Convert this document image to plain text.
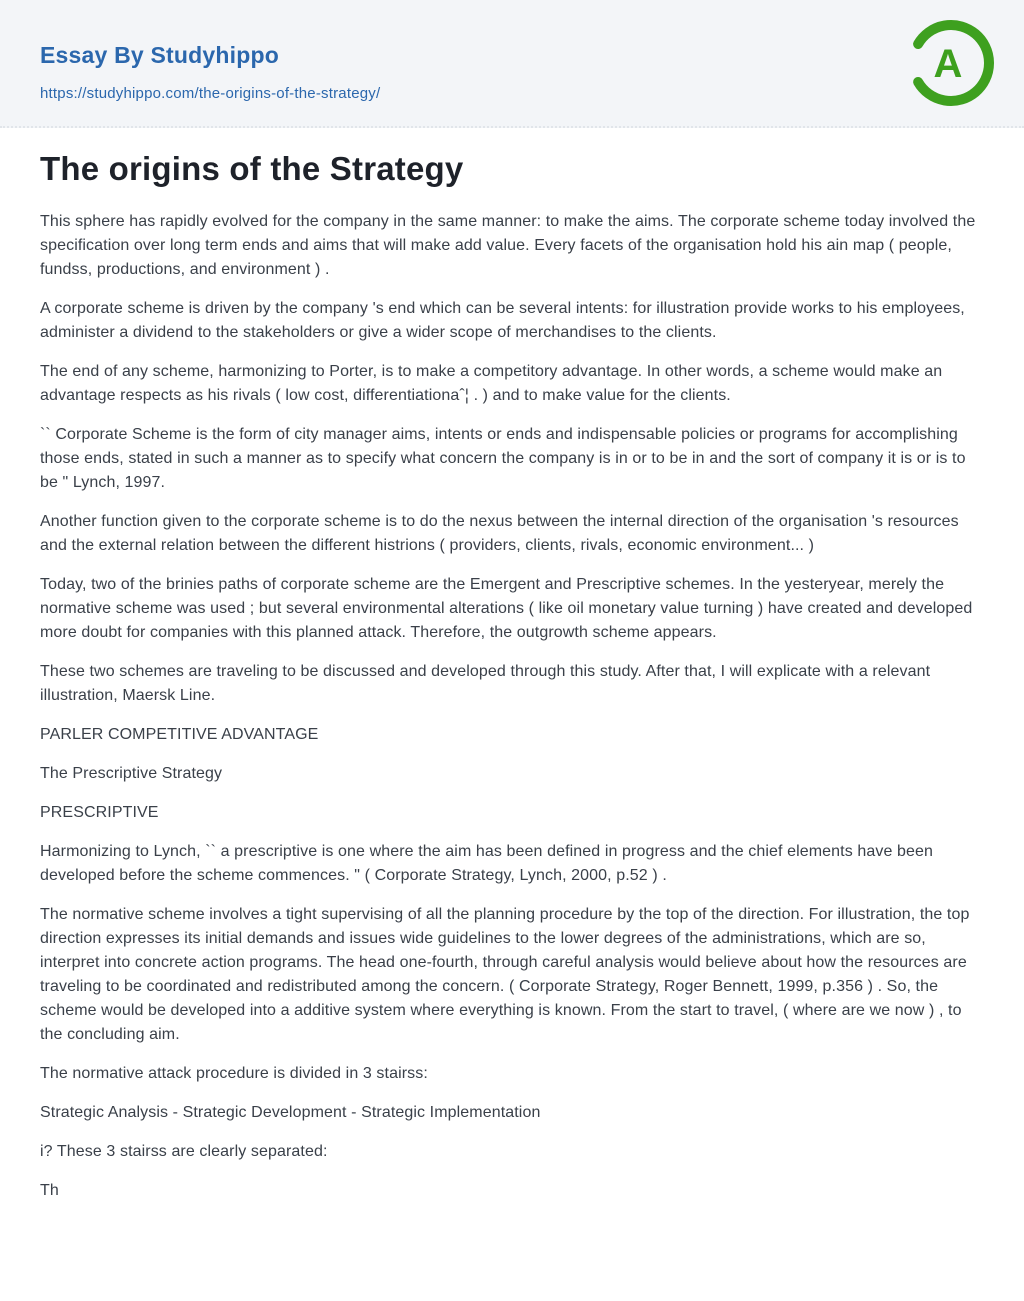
Essay By Studyhippo
https://studyhippo.com/the-origins-of-the-strategy/
A
The origins of the Strategy

This sphere has rapidly evolved for the company in the same manner: to make the aims. The corporate scheme today involved the specification over long term ends and aims that will make add value. Every facets of the organisation hold his ain map ( people, fundss, productions, and environment ) .

A corporate scheme is driven by the company 's end which can be several intents: for illustration provide works to his employees, administer a dividend to the stakeholders or give a wider scope of merchandises to the clients.

The end of any scheme, harmonizing to Porter, is to make a competitory advantage. In other words, a scheme would make an advantage respects as his rivals ( low cost, differentiationaˆ¦ . ) and to make value for the clients.

`` Corporate Scheme is the form of city manager aims, intents or ends and indispensable policies or programs for accomplishing those ends, stated in such a manner as to specify what concern the company is in or to be in and the sort of company it is or is to be " Lynch, 1997.

Another function given to the corporate scheme is to do the nexus between the internal direction of the organisation 's resources and the external relation between the different histrions ( providers, clients, rivals, economic environment... )

Today, two of the brinies paths of corporate scheme are the Emergent and Prescriptive schemes. In the yesteryear, merely the normative scheme was used ; but several environmental alterations ( like oil monetary value turning ) have created and developed more doubt for companies with this planned attack. Therefore, the outgrowth scheme appears.

These two schemes are traveling to be discussed and developed through this study. After that, I will explicate with a relevant illustration, Maersk Line.

PARLER COMPETITIVE ADVANTAGE

The Prescriptive Strategy

PRESCRIPTIVE

Harmonizing to Lynch, `` a prescriptive is one where the aim has been defined in progress and the chief elements have been developed before the scheme commences. " ( Corporate Strategy, Lynch, 2000, p.52 ) .

The normative scheme involves a tight supervising of all the planning procedure by the top of the direction. For illustration, the top direction expresses its initial demands and issues wide guidelines to the lower degrees of the administrations, which are so, interpret into concrete action programs. The head one-fourth, through careful analysis would believe about how the resources are traveling to be coordinated and redistributed among the concern. ( Corporate Strategy, Roger Bennett, 1999, p.356 ) . So, the scheme would be developed into a additive system where everything is known. From the start to travel, ( where are we now ) , to the concluding aim.

The normative attack procedure is divided in 3 stairss:

Strategic Analysis - Strategic Development - Strategic Implementation

i? These 3 stairss are clearly separated:

Th
